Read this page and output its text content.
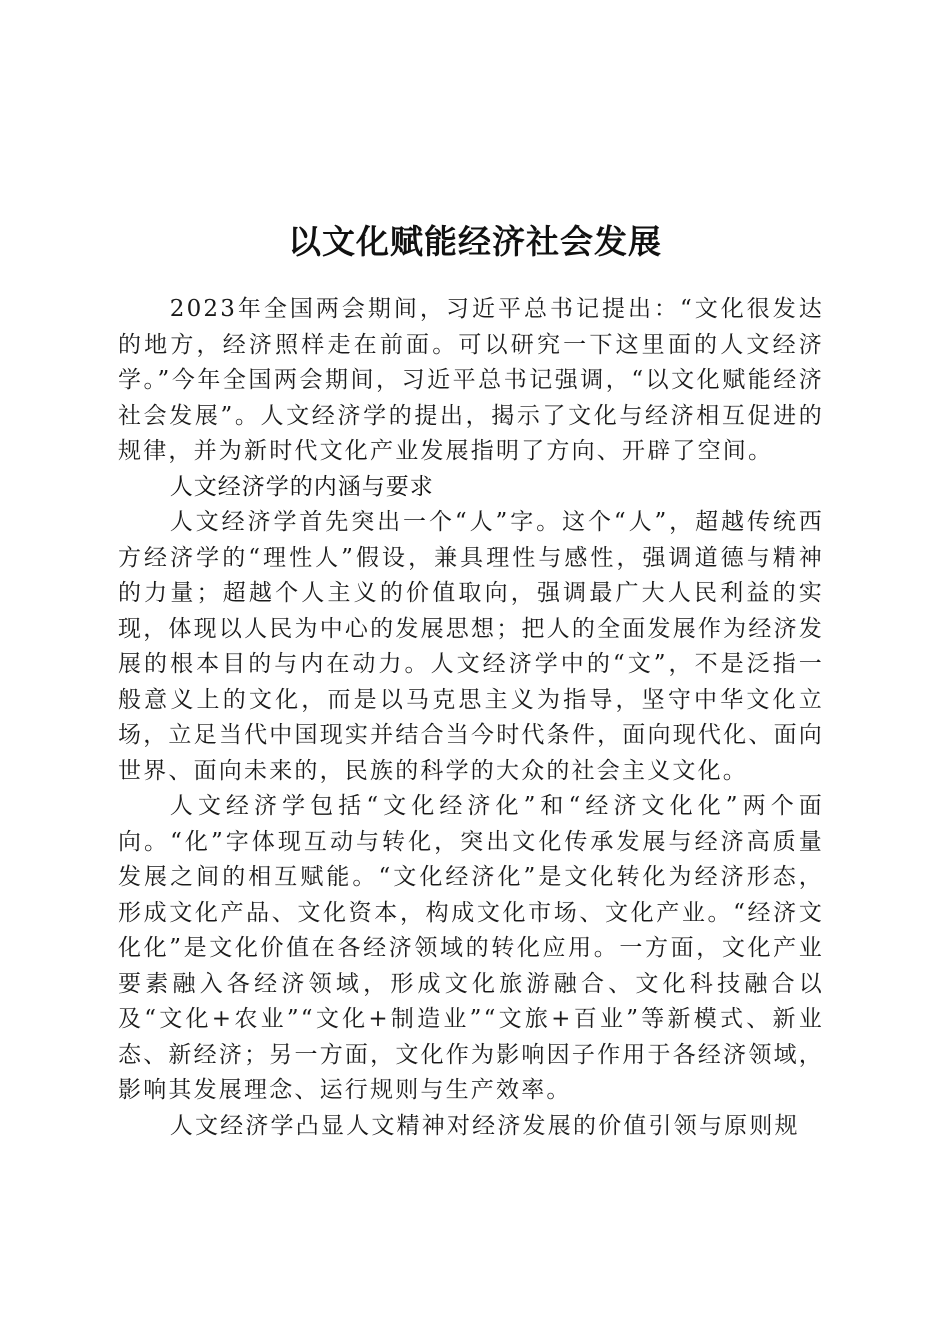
以文化赋能经济社会发展

2023年全国两会期间，习近平总书记提出：“文化很发达的地方，经济照样走在前面。可以研究一下这里面的人文经济学。”今年全国两会期间，习近平总书记强调，“以文化赋能经济社会发展”。人文经济学的提出，揭示了文化与经济相互促进的规律，并为新时代文化产业发展指明了方向、开辟了空间。

人文经济学的内涵与要求

人文经济学首先突出一个“人”字。这个“人”，超越传统西方经济学的“理性人”假设，兼具理性与感性，强调道德与精神的力量；超越个人主义的价值取向，强调最广大人民利益的实现，体现以人民为中心的发展思想；把人的全面发展作为经济发展的根本目的与内在动力。人文经济学中的“文”，不是泛指一般意义上的文化，而是以马克思主义为指导，坚守中华文化立场，立足当代中国现实并结合当今时代条件，面向现代化、面向世界、面向未来的，民族的科学的大众的社会主义文化。

人文经济学包括“文化经济化”和“经济文化化”两个面向。“化”字体现互动与转化，突出文化传承发展与经济高质量发展之间的相互赋能。“文化经济化”是文化转化为经济形态，形成文化产品、文化资本，构成文化市场、文化产业。“经济文化化”是文化价值在各经济领域的转化应用。一方面，文化产业要素融入各经济领域，形成文化旅游融合、文化科技融合以及“文化+农业”“文化+制造业”“文旅+百业”等新模式、新业态、新经济；另一方面，文化作为影响因子作用于各经济领域，影响其发展理念、运行规则与生产效率。

人文经济学凸显人文精神对经济发展的价值引领与原则规
